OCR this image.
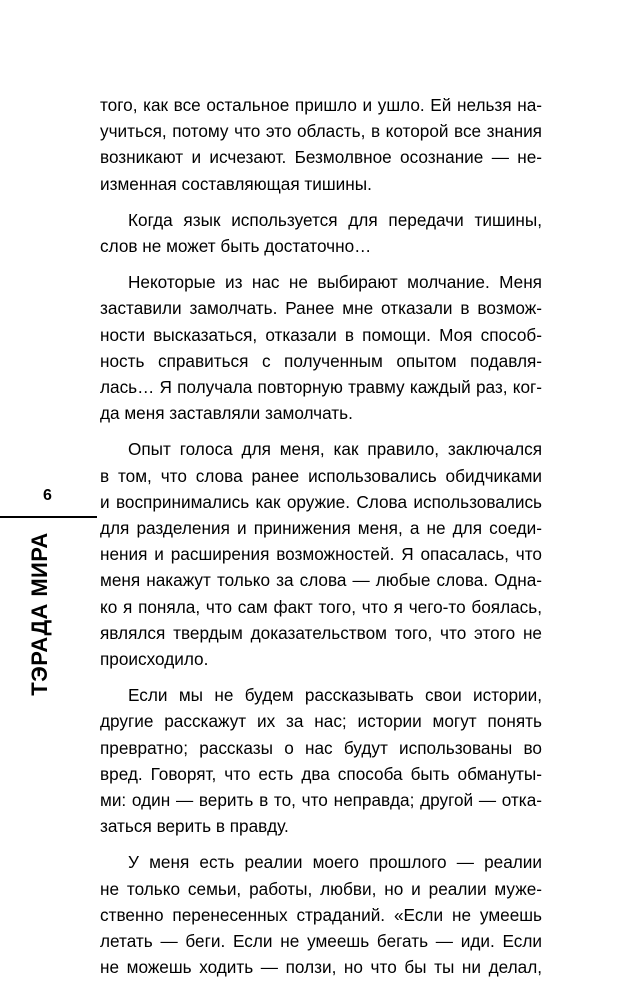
того, как все остальное пришло и ушло. Ей нельзя на-
учиться, потому что это область, в которой все знания
возникают и исчезают. Безмолвное осознание — не-
изменная составляющая тишины.
Когда язык используется для передачи тишины,
слов не может быть достаточно…
Некоторые из нас не выбирают молчание. Меня
заставили замолчать. Ранее мне отказали в возмож-
ности высказаться, отказали в помощи. Моя способ-
ность справиться с полученным опытом подавля-
лась… Я получала повторную травму каждый раз, ког-
да меня заставляли замолчать.
Опыт голоса для меня, как правило, заключался
в том, что слова ранее использовались обидчиками
и воспринимались как оружие. Слова использовались
для разделения и принижения меня, а не для соеди-
нения и расширения возможностей. Я опасалась, что
меня накажут только за слова — любые слова. Однa-
ко я поняла, что сам факт того, что я чего-то боялась,
являлся твердым доказательством того, что этого не
происходило.
Если мы не будем рассказывать свои истории,
другие расскажут их за нас; истории могут понять
превратно; рассказы о нас будут использованы во
вред. Говорят, что есть два способа быть обмануты-
ми: один — верить в то, что неправда; другой — отка-
заться верить в правду.
У меня есть реалии моего прошлого — реалии
не только семьи, работы, любви, но и реалии муже-
ственно перенесенных страданий. «Если не умеешь
летать — беги. Если не умеешь бегать — иди. Если
не можешь ходить — ползи, но что бы ты ни делал,
6
ТЭРАДА МИРА
